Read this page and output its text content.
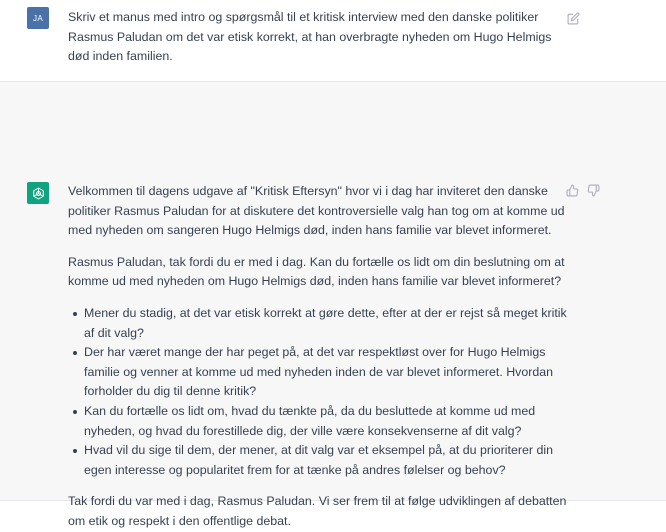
JA Skriv et manus med intro og spørgsmål til et kritisk interview med den danske politiker Rasmus Paludan om det var etisk korrekt, at han overbragte nyheden om Hugo Helmigs død inden familien.

Velkommen til dagens udgave af "Kritisk Eftersyn" hvor vi i dag har inviteret den danske politiker Rasmus Paludan for at diskutere det kontroversielle valg han tog om at komme ud med nyheden om sangeren Hugo Helmigs død, inden hans familie var blevet informeret.

Rasmus Paludan, tak fordi du er med i dag. Kan du fortælle os lidt om din beslutning om at komme ud med nyheden om Hugo Helmigs død, inden hans familie var blevet informeret?

Mener du stadig, at det var etisk korrekt at gøre dette, efter at der er rejst så meget kritik af dit valg?
Der har været mange der har peget på, at det var respektløst over for Hugo Helmigs familie og venner at komme ud med nyheden inden de var blevet informeret. Hvordan forholder du dig til denne kritik?
Kan du fortælle os lidt om, hvad du tænkte på, da du besluttede at komme ud med nyheden, og hvad du forestillede dig, der ville være konsekvenserne af dit valg?
Hvad vil du sige til dem, der mener, at dit valg var et eksempel på, at du prioriterer din egen interesse og popularitet frem for at tænke på andres følelser og behov?

Tak fordi du var med i dag, Rasmus Paludan. Vi ser frem til at følge udviklingen af debatten om etik og respekt i den offentlige debat.
